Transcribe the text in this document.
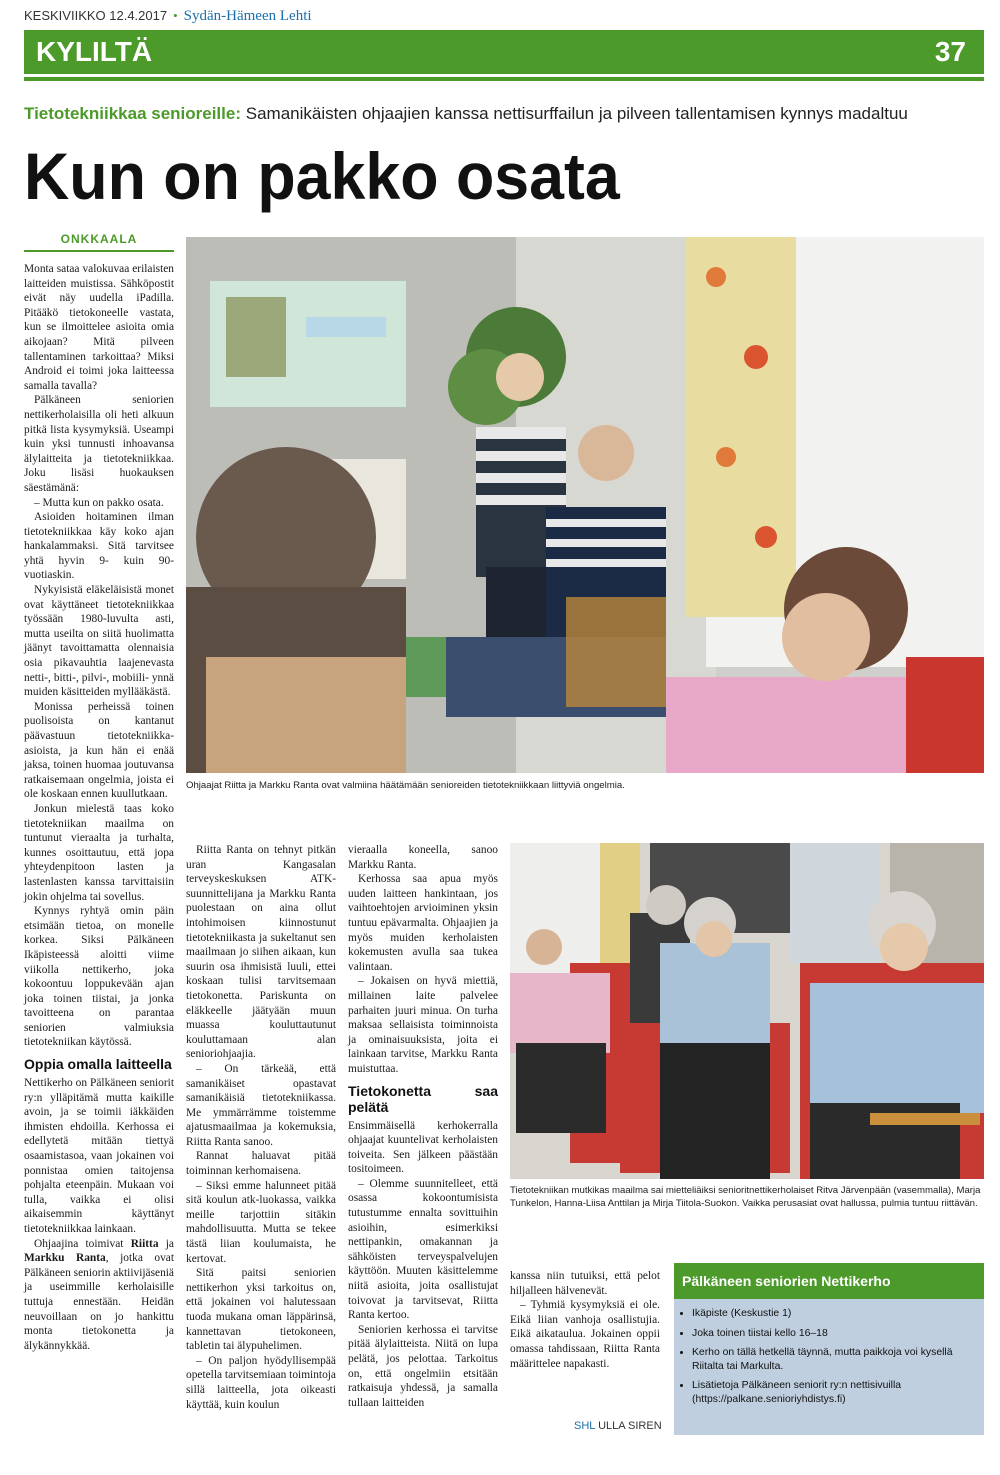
KESKIVIIKKO 12.4.2017 • Sydän-Hämeen Lehti
KYLILTÄ	37
Tietotekniikkaa senioreille: Samanikäisten ohjaajien kanssa nettisurffailun ja pilveen tallentamisen kynnys madaltuu
Kun on pakko osata
ONKKAALA
Ohjaajat Riitta ja Markku Ranta ovat valmiina häätämään senioreiden tietotekniikkaan liittyviä ongelmia.

Monta sataa valokuvaa erilaisten laitteiden muistissa. Sähköpostit eivät näy uudella iPadilla. Pitääkö tietokoneelle vastata, kun se ilmoittelee asioita omia aikojaan? Mitä pilveen tallentaminen tarkoittaa? Miksi Android ei toimi joka laitteessa samalla tavalla?

Pälkäneen seniorien nettikerholaisilla oli heti alkuun pitkä lista kysymyksiä. Useampi kuin yksi tunnusti inhoavansa älylaitteita ja tietotekniikkaa. Joku lisäsi huokauksen säestämänä:

– Mutta kun on pakko osata.

Asioiden hoitaminen ilman tietotekniikkaa käy koko ajan hankalammaksi. Sitä tarvitsee yhtä hyvin 9- kuin 90-vuotiaskin.

Nykyisistä eläkeläisistä monet ovat käyttäneet tietotekniikkaa työssään 1980-luvulta asti, mutta useilta on siitä huolimatta jäänyt tavoittamatta olennaisia osia pikavauhtia laajenevasta netti-, bitti-, pilvi-, mobiili- ynnä muiden käsitteiden myllääkästä.

Monissa perheissä toinen puolisoista on kantanut päävastuun tietotekniikka-asioista, ja kun hän ei enää jaksa, toinen huomaa joutuvansa ratkaisemaan ongelmia, joista ei ole koskaan ennen kuullutkaan.

Jonkun mielestä taas koko tietotekniikan maailma on tuntunut vieraalta ja turhalta, kunnes osoittautuu, että jopa yhteydenpitoon lasten ja lastenlasten kanssa tarvittaisiin jokin ohjelma tai sovellus.

Kynnys ryhtyä omin päin etsimään tietoa, on monelle korkea. Siksi Pälkäneen Ikäpisteessä aloitti viime viikolla nettikerho, joka kokoontuu loppukevään ajan joka toinen tiistai, ja jonka tavoitteena on parantaa seniorien valmiuksia tietotekniikan käytössä.

Oppia omalla laitteella

Nettikerho on Pälkäneen seniorit ry:n ylläpitämä mutta kaikille avoin, ja se toimii iäkkäiden ihmisten ehdoilla. Kerhossa ei edellytetä mitään tiettyä osaamistasoa, vaan jokainen voi ponnistaa omien taitojensa pohjalta eteenpäin. Mukaan voi tulla, vaikka ei olisi aikaisemmin käyttänyt tietotekniikkaa lainkaan.

Ohjaajina toimivat Riitta ja Markku Ranta, jotka ovat Pälkäneen seniorin aktiivijäseniä ja useimmille kerholaisille tuttuja ennestään. Heidän neuvoillaan on jo hankittu monta tietokonetta ja älykännykkää.

Riitta Ranta on tehnyt pitkän uran Kangasalan terveyskeskuksen ATK-suunnittelijana ja Markku Ranta puolestaan on aina ollut intohimoisen kiinnostunut tietotekniikasta ja sukeltanut sen maailmaan jo siihen aikaan, kun suurin osa ihmisistä luuli, ettei koskaan tulisi tarvitsemaan tietokonetta. Pariskunta on eläkkeelle jäätyään muun muassa kouluttautunut kouluttamaan alan senioriohjaajia.

– On tärkeää, että samanikäiset opastavat samanikäisiä tietotekniikassa. Me ymmärrämme toistemme ajatusmaailmaa ja kokemuksia, Riitta Ranta sanoo.

Rannat haluavat pitää toiminnan kerhomaisena.

– Siksi emme halunneet pitää sitä koulun atk-luokassa, vaikka meille tarjottiin sitäkin mahdollisuutta. Mutta se tekee tästä liian koulumaista, he kertovat.

Sitä paitsi seniorien nettikerhon yksi tarkoitus on, että jokainen voi halutessaan tuoda mukana oman läppärinsä, kannettavan tietokoneen, tabletin tai älypuhelimen.

– On paljon hyödyllisempää opetella tarvitsemiaan toimintoja sillä laitteella, jota oikeasti käyttää, kuin koulun

vieraalla koneella, sanoo Markku Ranta.

Kerhossa saa apua myös uuden laitteen hankintaan, jos vaihtoehtojen arvioiminen yksin tuntuu epävarmalta. Ohjaajien ja myös muiden kerholaisten kokemusten avulla saa tukea valintaan.

– Jokaisen on hyvä miettiä, millainen laite palvelee parhaiten juuri minua. On turha maksaa sellaisista toiminnoista ja ominaisuuksista, joita ei lainkaan tarvitse, Markku Ranta muistuttaa.

Tietokonetta saa pelätä

Ensimmäisellä kerhokerralla ohjaajat kuuntelivat kerholaisten toiveita. Sen jälkeen päästään tositoimeen.

– Olemme suunnitelleet, että osassa kokoontumisista tutustumme ennalta sovittuihin asioihin, esimerkiksi nettipankin, omakannan ja sähköisten terveyspalvelujen käyttöön. Muuten käsittelemme niitä asioita, joita osallistujat toivovat ja tarvitsevat, Riitta Ranta kertoo.

Seniorien kerhossa ei tarvitse pitää älylaitteista. Niitä on lupa pelätä, jos pelottaa. Tarkoitus on, että ongelmiin etsitään ratkaisuja yhdessä, ja samalla tullaan laitteiden

Tietotekniikan mutkikas maailma sai mietteliäiksi senioritnettikerholaiset Ritva Järvenpään (vasemmalla), Marja Tunkelon, Hanna-Liisa Anttilan ja Mirja Tiitola-Suokon. Vaikka perusasiat ovat hallussa, pulmia tuntuu riittävän.

kanssa niin tutuiksi, että pelot hiljalleen hälvenevät.

– Tyhmiä kysymyksiä ei ole. Eikä liian vanhoja osallistujia. Eikä aikataulua. Jokainen oppii omassa tahdissaan, Riitta Ranta määrittelee napakasti.

Pälkäneen seniorien Nettikerho
• Ikäpiste (Keskustie 1)
• Joka toinen tiistai kello 16–18
• Kerho on tällä hetkellä täynnä, mutta paikkoja voi kysellä Riitalta tai Markulta.
• Lisätietoja Pälkäneen seniorit ry:n nettisivuilla (https://palkane.senioriyhdistys.fi)
SHL ULLA SIREN
